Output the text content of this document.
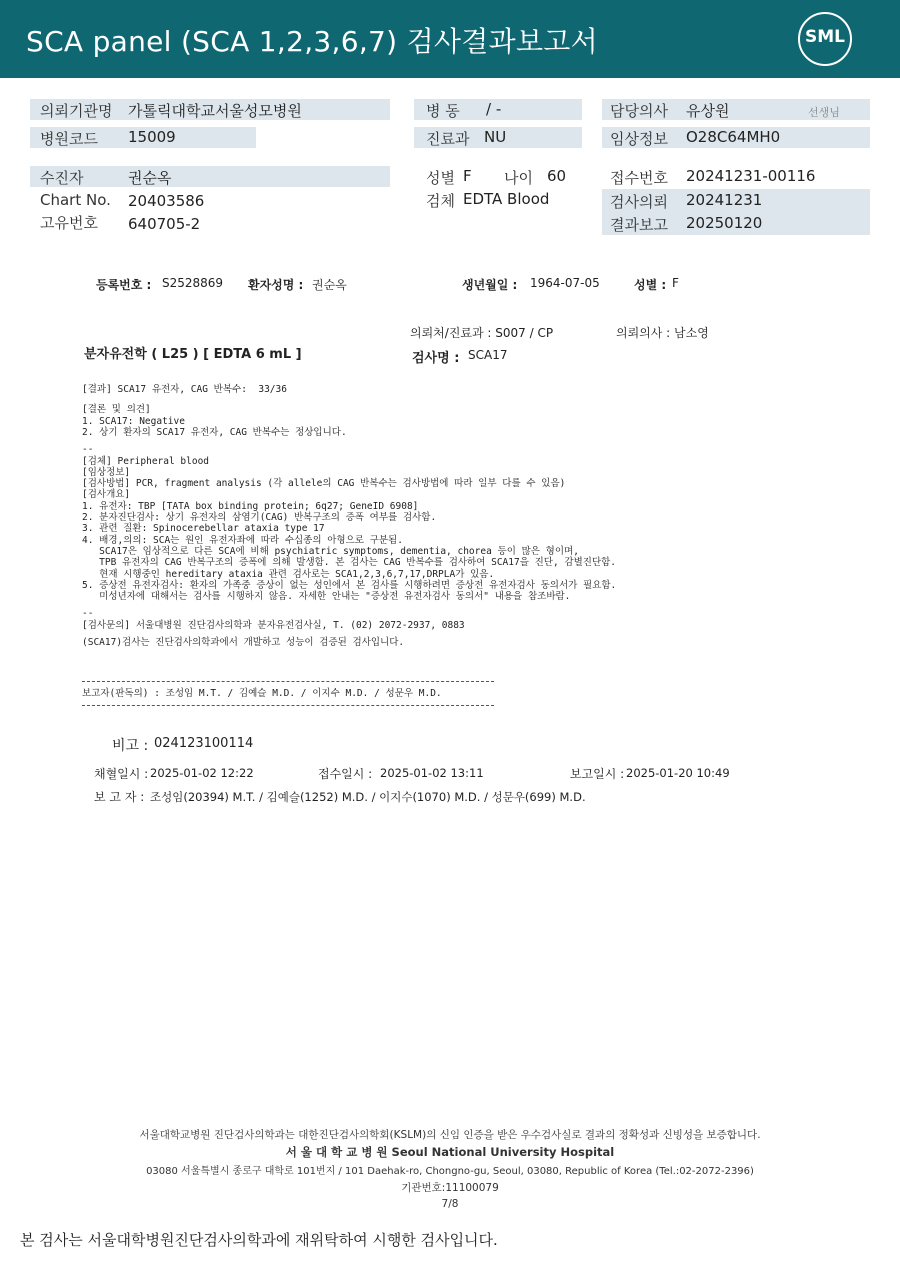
SCA panel (SCA 1,2,3,6,7) 검사결과보고서	SML
의뢰기관명 가톨릭대학교서울성모병원
병원코드 15009
병 동 / -
진료과 NU
담당의사 유상원	선생님
임상정보 O28C64MH0
수진자	권순옥
Chart No. 20403586
고유번호 640705-2
성별 F 나이 60
검체 EDTA Blood
접수번호 20241231-00116
검사의뢰 20241231
결과보고 20250120
등록번호 : S2528869 환자성명 : 권순옥	생년월일 : 1964-07-05	성별 : F
의뢰처/진료과 : S007 / CP	의뢰의사 : 남소영
분자유전학 ( L25 ) [ EDTA 6 mL ]	검사명 : SCA17
[결과] SCA17 유전자, CAG 반복수:  33/36
[결론 및 의견]
1. SCA17: Negative
2. 상기 환자의 SCA17 유전자, CAG 반복수는 정상입니다.
--
[검체] Peripheral blood
[임상정보]
[검사방법] PCR, fragment analysis (각 allele의 CAG 반복수는 검사방법에 따라 일부 다를 수 있음)
[검사개요]
1. 유전자: TBP [TATA box binding protein; 6q27; GeneID 6908]
2. 분자진단검사: 상기 유전자의 삼염기(CAG) 반복구조의 증폭 여부를 검사함.
3. 관련 질환: Spinocerebellar ataxia type 17
4. 배경,의의: SCA는 원인 유전자좌에 따라 수십종의 아형으로 구분됨.
SCA17은 임상적으로 다른 SCA에 비해 psychiatric symptoms, dementia, chorea 등이 많은 형이며,
TPB 유전자의 CAG 반복구조의 증폭에 의해 발생함. 본 검사는 CAG 반복수를 검사하여 SCA17을 진단, 감별진단함.
현재 시행중인 hereditary ataxia 관련 검사로는 SCA1,2,3,6,7,17,DRPLA가 있음.
5. 증상전 유전자검사: 환자의 가족중 증상이 없는 성인에서 본 검사를 시행하려면 증상전 유전자검사 동의서가 필요함.
미성년자에 대해서는 검사를 시행하지 않음. 자세한 안내는 "증상전 유전자검사 동의서" 내용을 참조바람.
--
[검사문의] 서울대병원 진단검사의학과 분자유전검사실, T. (02) 2072-2937, 0883
(SCA17)검사는 진단검사의학과에서 개발하고 성능이 검증된 검사입니다.
보고자(판독의) : 조성임 M.T. / 김예슬 M.D. / 이지수 M.D. / 성문우 M.D.
비고 : 024123100114
채혈일시 : 2025-01-02 12:22	접수일시 : 2025-01-02 13:11	보고일시 : 2025-01-20 10:49
보 고 자 : 조성임(20394) M.T. / 김예슬(1252) M.D. / 이지수(1070) M.D. / 성문우(699) M.D.
서울대학교병원 진단검사의학과는 대한진단검사의학회(KSLM)의 신임 인증을 받은 우수검사실로 결과의 정확성과 신빙성을 보증합니다.
서 울 대 학 교 병 원 Seoul National University Hospital
03080 서울특별시 종로구 대학로 101번지 / 101 Daehak-ro, Chongno-gu, Seoul, 03080, Republic of Korea (Tel.:02-2072-2396)
기관번호:11100079
7/8
본 검사는 서울대학병원진단검사의학과에 재위탁하여 시행한 검사입니다.
